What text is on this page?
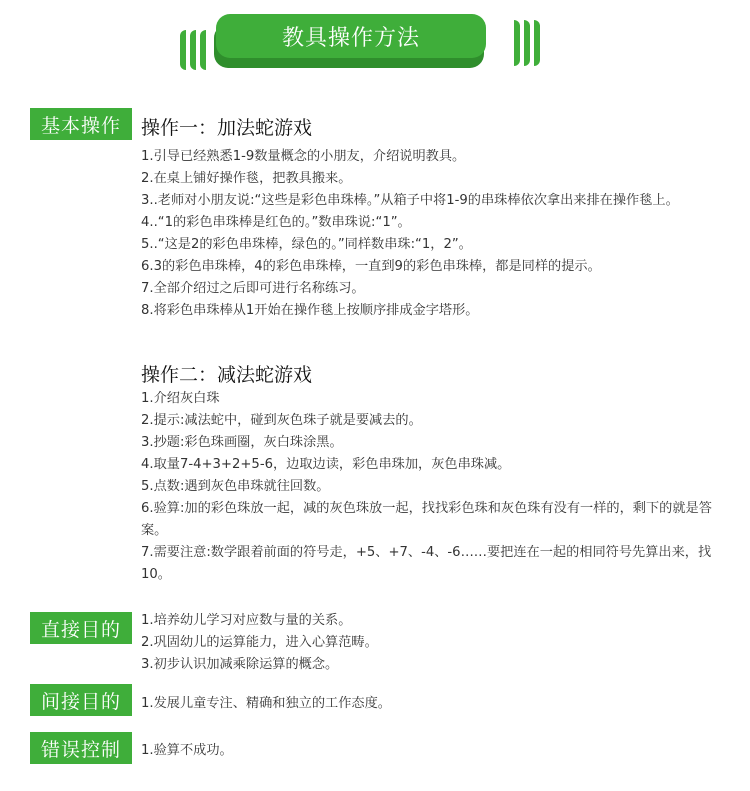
教具操作方法
基本操作	操作一：加法蛇游戏
1.引导已经熟悉1-9数量概念的小朋友，介绍说明教具。
2.在桌上铺好操作毯，把教具搬来。
3..老师对小朋友说:“这些是彩色串珠棒。”从箱子中将1-9的串珠棒依次拿出来排在操作毯上。
4..“1的彩色串珠棒是红色的。”数串珠说:“1”。
5..“这是2的彩色串珠棒，绿色的。”同样数串珠:“1，2”。
6.3的彩色串珠棒，4的彩色串珠棒，一直到9的彩色串珠棒，都是同样的提示。
7.全部介绍过之后即可进行名称练习。
8.将彩色串珠棒从1开始在操作毯上按顺序排成金字塔形。
操作二：减法蛇游戏
1.介绍灰白珠
2.提示:减法蛇中，碰到灰色珠子就是要减去的。
3.抄题:彩色珠画圈，灰白珠涂黑。
4.取量7-4+3+2+5-6，边取边读，彩色串珠加，灰色串珠减。
5.点数:遇到灰色串珠就往回数。
6.验算:加的彩色珠放一起，减的灰色珠放一起，找找彩色珠和灰色珠有没有一样的，剩下的就是答案。
7.需要注意:数学跟着前面的符号走，+5、+7、-4、-6……要把连在一起的相同符号先算出来，找10。
直接目的	1.培养幼儿学习对应数与量的关系。
2.巩固幼儿的运算能力，进入心算范畴。
3.初步认识加减乘除运算的概念。
间接目的	1.发展儿童专注、精确和独立的工作态度。
错误控制	1.验算不成功。
